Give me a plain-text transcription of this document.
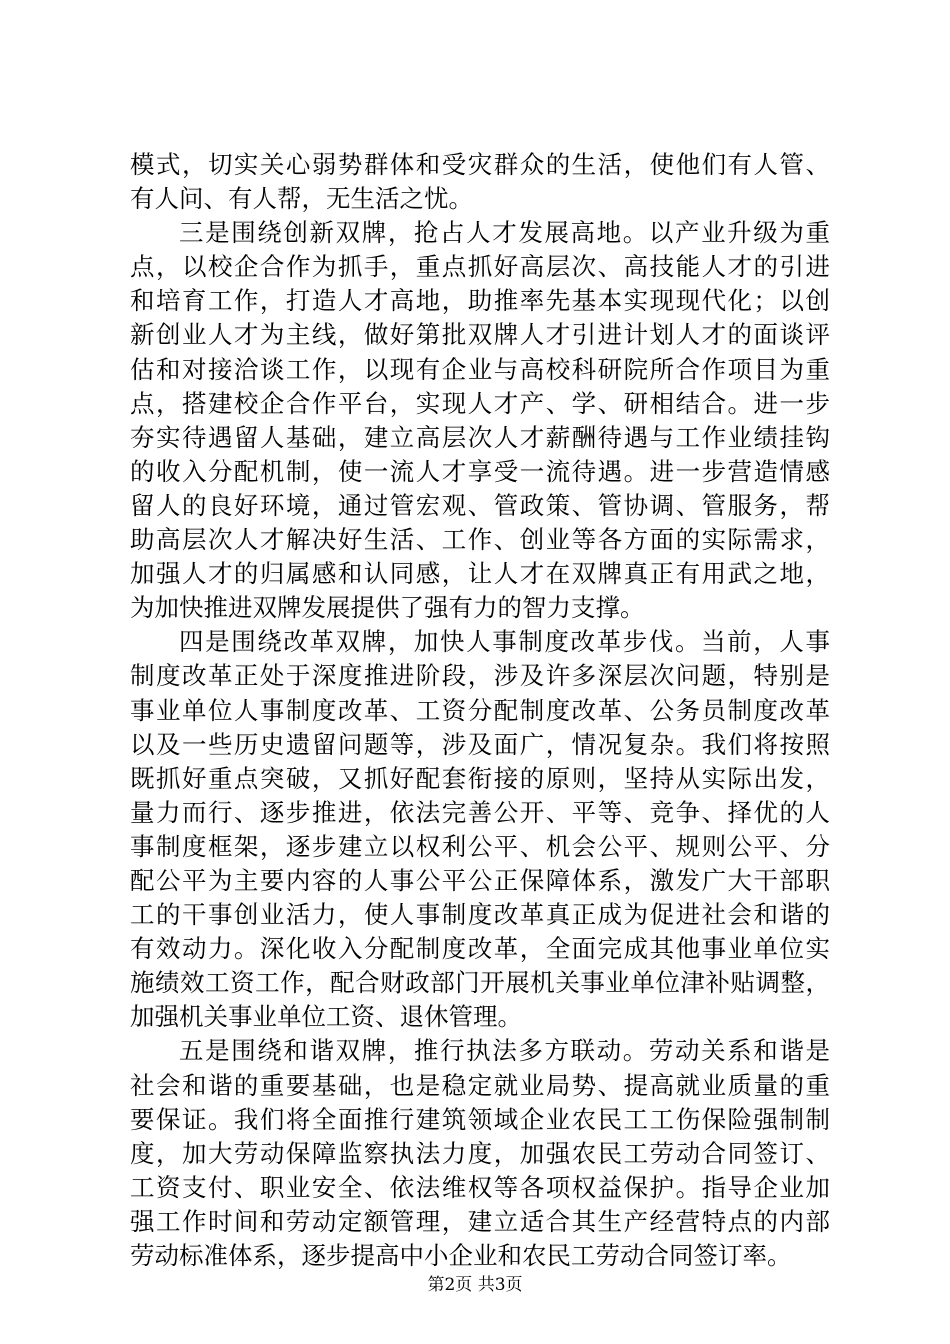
模式，切实关心弱势群体和受灾群众的生活，使他们有人管、
有人问、有人帮，无生活之忧。
三是围绕创新双牌，抢占人才发展高地。以产业升级为重
点，以校企合作为抓手，重点抓好高层次、高技能人才的引进
和培育工作，打造人才高地，助推率先基本实现现代化；以创
新创业人才为主线，做好第批双牌人才引进计划人才的面谈评
估和对接洽谈工作，以现有企业与高校科研院所合作项目为重
点，搭建校企合作平台，实现人才产、学、研相结合。进一步
夯实待遇留人基础，建立高层次人才薪酬待遇与工作业绩挂钩
的收入分配机制，使一流人才享受一流待遇。进一步营造情感
留人的良好环境，通过管宏观、管政策、管协调、管服务，帮
助高层次人才解决好生活、工作、创业等各方面的实际需求，
加强人才的归属感和认同感，让人才在双牌真正有用武之地，
为加快推进双牌发展提供了强有力的智力支撑。
四是围绕改革双牌，加快人事制度改革步伐。当前，人事
制度改革正处于深度推进阶段，涉及许多深层次问题，特别是
事业单位人事制度改革、工资分配制度改革、公务员制度改革
以及一些历史遗留问题等，涉及面广，情况复杂。我们将按照
既抓好重点突破，又抓好配套衔接的原则，坚持从实际出发，
量力而行、逐步推进，依法完善公开、平等、竞争、择优的人
事制度框架，逐步建立以权利公平、机会公平、规则公平、分
配公平为主要内容的人事公平公正保障体系，激发广大干部职
工的干事创业活力，使人事制度改革真正成为促进社会和谐的
有效动力。深化收入分配制度改革，全面完成其他事业单位实
施绩效工资工作，配合财政部门开展机关事业单位津补贴调整，
加强机关事业单位工资、退休管理。
五是围绕和谐双牌，推行执法多方联动。劳动关系和谐是
社会和谐的重要基础，也是稳定就业局势、提高就业质量的重
要保证。我们将全面推行建筑领域企业农民工工伤保险强制制
度，加大劳动保障监察执法力度，加强农民工劳动合同签订、
工资支付、职业安全、依法维权等各项权益保护。指导企业加
强工作时间和劳动定额管理，建立适合其生产经营特点的内部
劳动标准体系，逐步提高中小企业和农民工劳动合同签订率。
第2页 共3页
